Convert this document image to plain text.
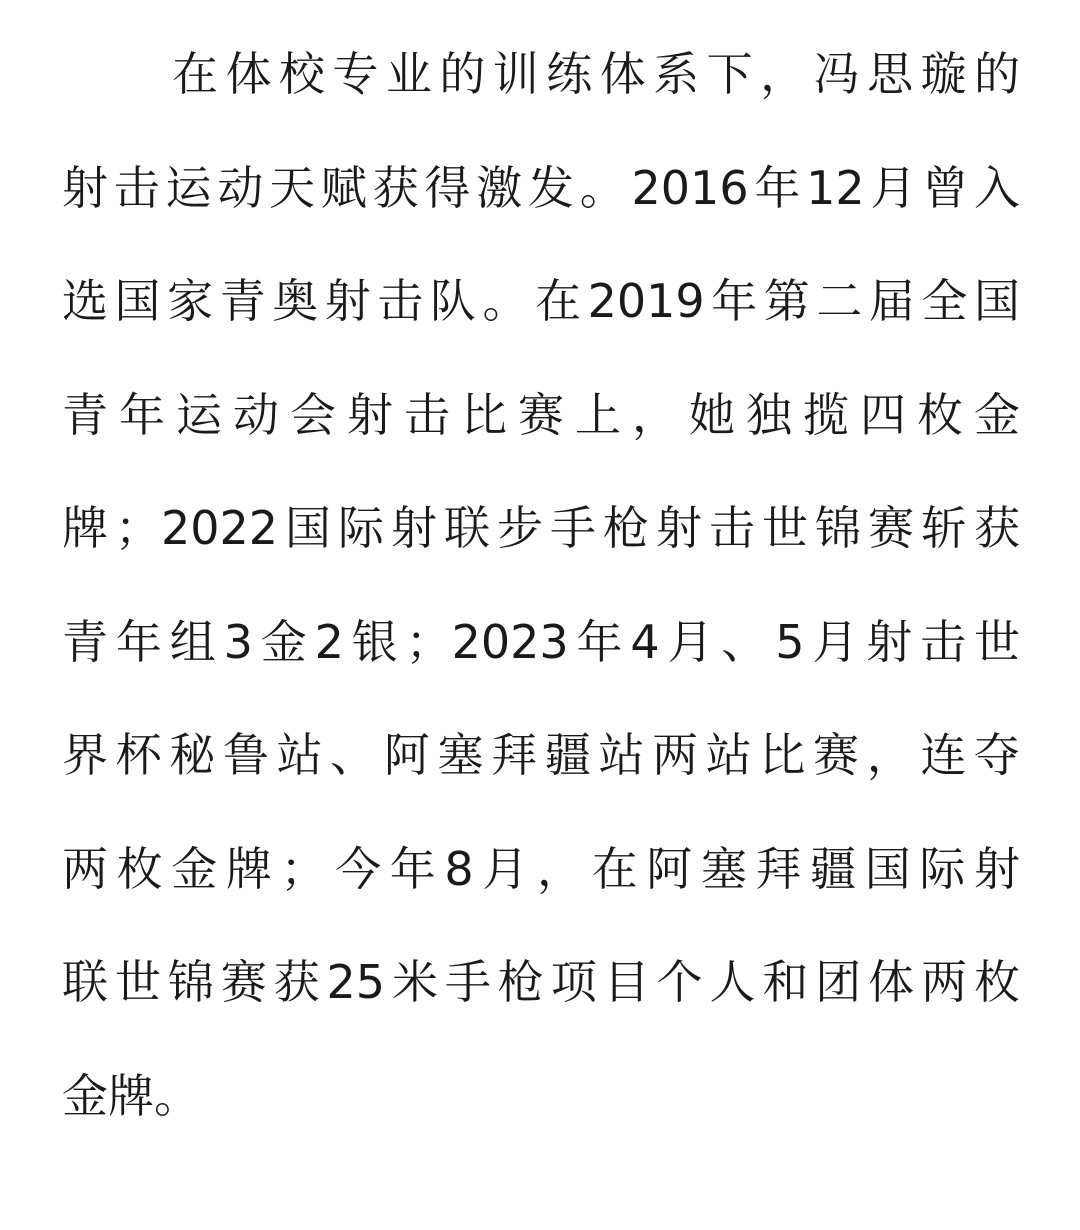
在体校专业的训练体系下，冯思璇的
射击运动天赋获得激发。2016年12月曾入
选国家青奥射击队。在2019年第二届全国
青年运动会射击比赛上，她独揽四枚金
牌；2022国际射联步手枪射击世锦赛斩获
青年组3金2银；2023年4月、5月射击世
界杯秘鲁站、阿塞拜疆站两站比赛，连夺
两枚金牌；今年8月，在阿塞拜疆国际射
联世锦赛获25米手枪项目个人和团体两枚
金牌。
